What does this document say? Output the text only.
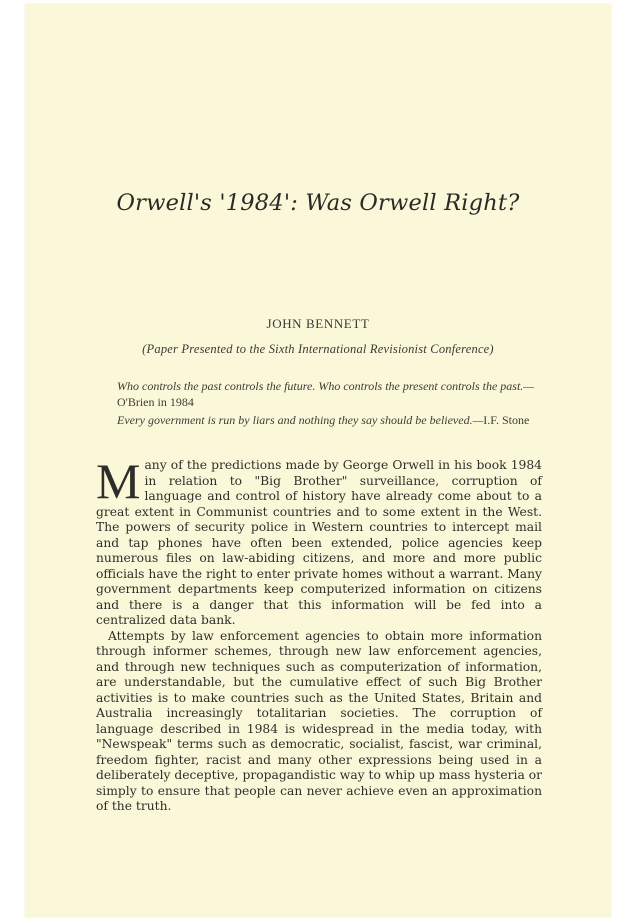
Orwell's '1984': Was Orwell Right?
JOHN BENNETT
(Paper Presented to the Sixth International Revisionist Conference)

Who controls the past controls the future. Who controls the present controls the past.—O'Brien in 1984

Every government is run by liars and nothing they say should be believed.—I.F. Stone

Many of the predictions made by George Orwell in his book 1984 in relation to "Big Brother" surveillance, corruption of language and control of history have already come about to a great extent in Communist countries and to some extent in the West. The powers of security police in Western countries to intercept mail and tap phones have often been extended, police agencies keep numerous files on law-abiding citizens, and more and more public officials have the right to enter private homes without a warrant. Many government departments keep computerized information on citizens and there is a danger that this information will be fed into a centralized data bank.

Attempts by law enforcement agencies to obtain more information through informer schemes, through new law enforcement agencies, and through new techniques such as computerization of information, are understandable, but the cumulative effect of such Big Brother activities is to make countries such as the United States, Britain and Australia increasingly totalitarian societies. The corruption of language described in 1984 is widespread in the media today, with "Newspeak" terms such as democratic, socialist, fascist, war criminal, freedom fighter, racist and many other expressions being used in a deliberately deceptive, propagandistic way to whip up mass hysteria or simply to ensure that people can never achieve even an approximation of the truth.
